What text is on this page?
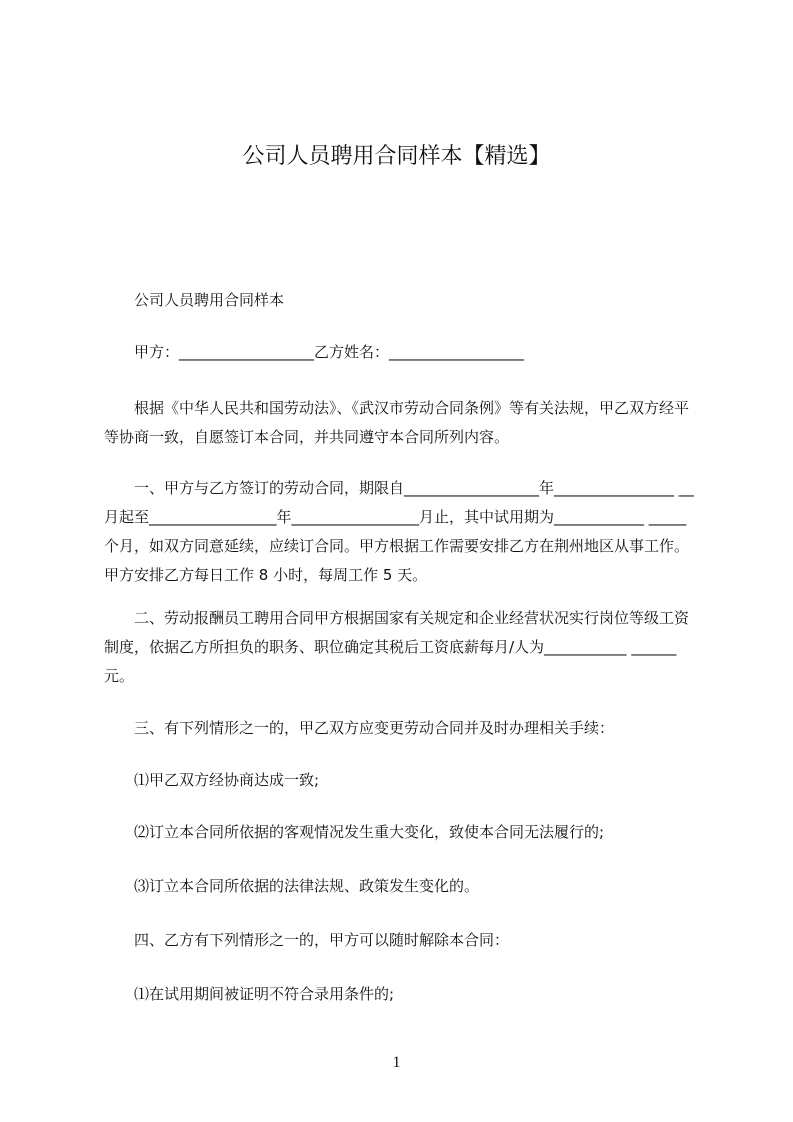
公司人员聘用合同样本【精选】

　　公司人员聘用合同样本

　　甲方：__________________乙方姓名：__________________

　　根据《中华人民共和国劳动法》、《武汉市劳动合同条例》等有关法规，甲乙双方经平等协商一致，自愿签订本合同，并共同遵守本合同所列内容。

　　一、甲方与乙方签订的劳动合同，期限自__________________年________________ __月起至_________________年_________________月止，其中试用期为____________ _____个月，如双方同意延续，应续订合同。甲方根据工作需要安排乙方在荆州地区从事工作。甲方安排乙方每日工作 8 小时，每周工作 5 天。

　　二、劳动报酬员工聘用合同甲方根据国家有关规定和企业经营状况实行岗位等级工资制度，依据乙方所担负的职务、职位确定其税后工资底薪每月/人为___________ ______元。

　　三、有下列情形之一的，甲乙双方应变更劳动合同并及时办理相关手续：

　　⑴甲乙双方经协商达成一致;

　　⑵订立本合同所依据的客观情况发生重大变化，致使本合同无法履行的;

　　⑶订立本合同所依据的法律法规、政策发生变化的。

　　四、乙方有下列情形之一的，甲方可以随时解除本合同：

　　⑴在试用期间被证明不符合录用条件的;

1
